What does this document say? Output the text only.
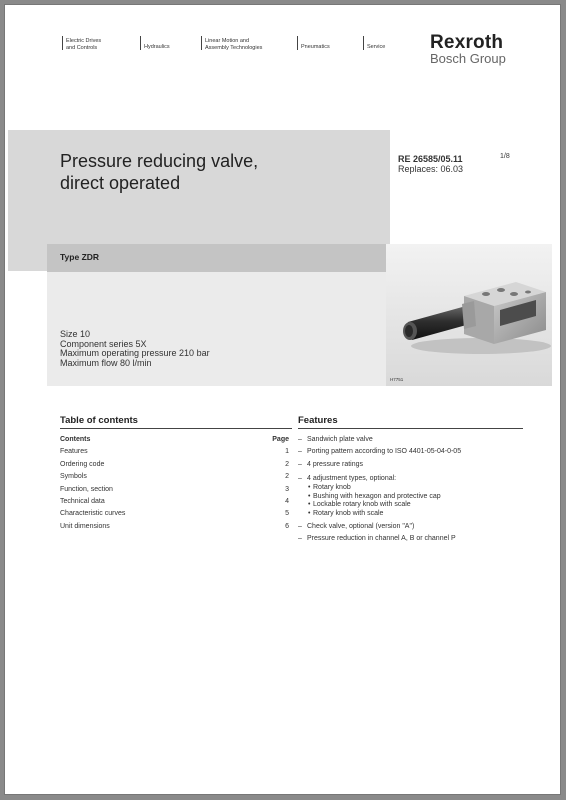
Electric Drives
and Controls	Hydraulics
Linear Motion and
Assembly Technologies	Pneumatics	Service	Rexroth
Bosch Group
Pressure reducing valve,
direct operated
RE 26585/05.11
Replaces: 06.03
1/8
Type ZDR
Size 10
Component series 5X
Maximum operating pressure 210 bar
Maximum flow 80 l/min
H7751
Table of contents
Contents	Page
Features	1
Ordering code	2
Symbols	2
Function, section	3
Technical data	4
Characteristic curves	5
Unit dimensions	6
Features
– Sandwich plate valve
– Porting pattern according to ISO 4401-05-04-0-05
– 4 pressure ratings
– 4 adjustment types, optional:
• Rotary knob
• Bushing with hexagon and protective cap
• Lockable rotary knob with scale
• Rotary knob with scale
– Check valve, optional (version "A")
– Pressure reduction in channel A, B or channel P
